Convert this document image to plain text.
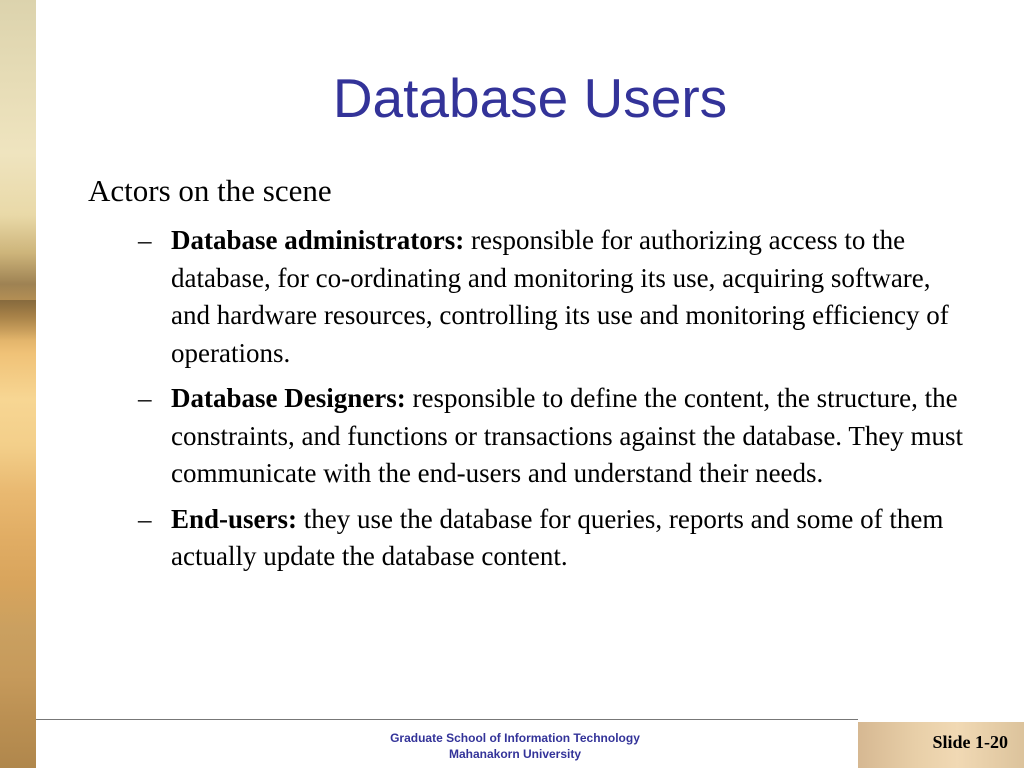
Database Users
Actors on the scene
– Database administrators: responsible for authorizing access to the database, for co-ordinating and monitoring its use, acquiring software, and hardware resources, controlling its use and monitoring efficiency of operations.
– Database Designers: responsible to define the content, the structure, the constraints, and functions or transactions against the database. They must communicate with the end-users and understand their needs.
– End-users: they use the database for queries, reports and some of them actually update the database content.
Graduate School of Information Technology
Mahanakorn University
Slide 1-20
